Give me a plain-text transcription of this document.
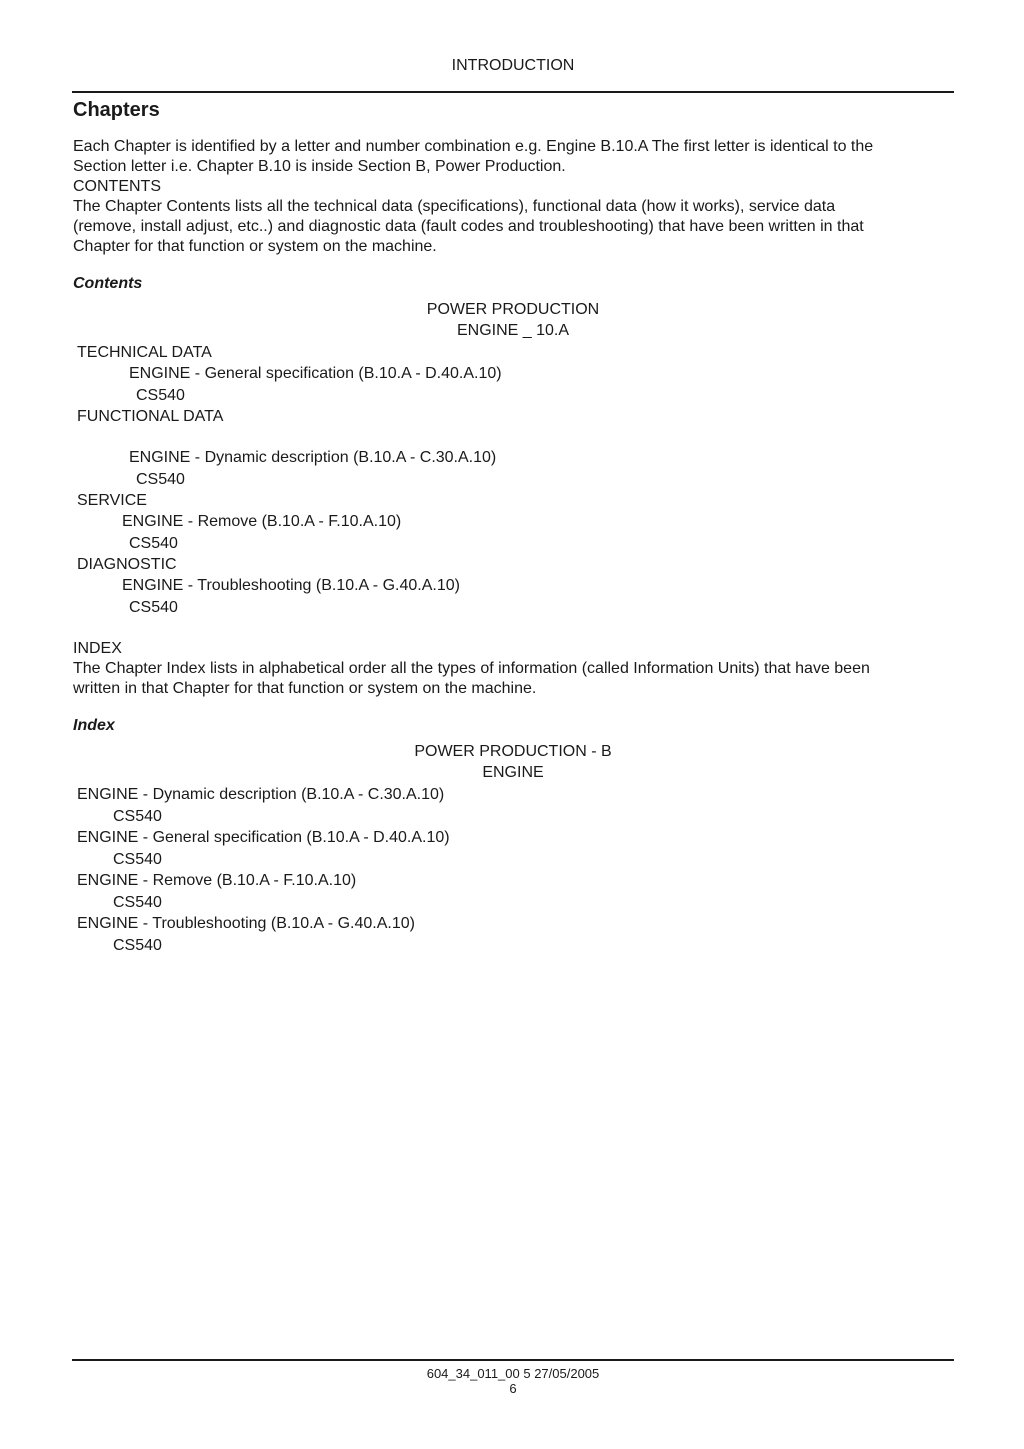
INTRODUCTION
Chapters
Each Chapter is identified by a letter and number combination e.g. Engine B.10.A The first letter is identical to the
Section letter i.e. Chapter B.10 is inside Section B, Power Production.
CONTENTS
The Chapter Contents lists all the technical data (specifications), functional data (how it works), service data
(remove, install adjust, etc..) and diagnostic data (fault codes and troubleshooting) that have been written in that
Chapter for that function or system on the machine.
Contents
POWER PRODUCTION
ENGINE _ 10.A
TECHNICAL DATA
ENGINE - General specification (B.10.A - D.40.A.10)
CS540
FUNCTIONAL DATA
ENGINE - Dynamic description (B.10.A - C.30.A.10)
CS540
SERVICE
ENGINE - Remove (B.10.A - F.10.A.10)
CS540
DIAGNOSTIC
ENGINE - Troubleshooting (B.10.A - G.40.A.10)
CS540
INDEX
The Chapter Index lists in alphabetical order all the types of information (called Information Units) that have been
written in that Chapter for that function or system on the machine.
Index
POWER PRODUCTION - B
ENGINE
ENGINE - Dynamic description (B.10.A - C.30.A.10)
CS540
ENGINE - General specification (B.10.A - D.40.A.10)
CS540
ENGINE - Remove (B.10.A - F.10.A.10)
CS540
ENGINE - Troubleshooting (B.10.A - G.40.A.10)
CS540
604_34_011_00 5 27/05/2005
6
